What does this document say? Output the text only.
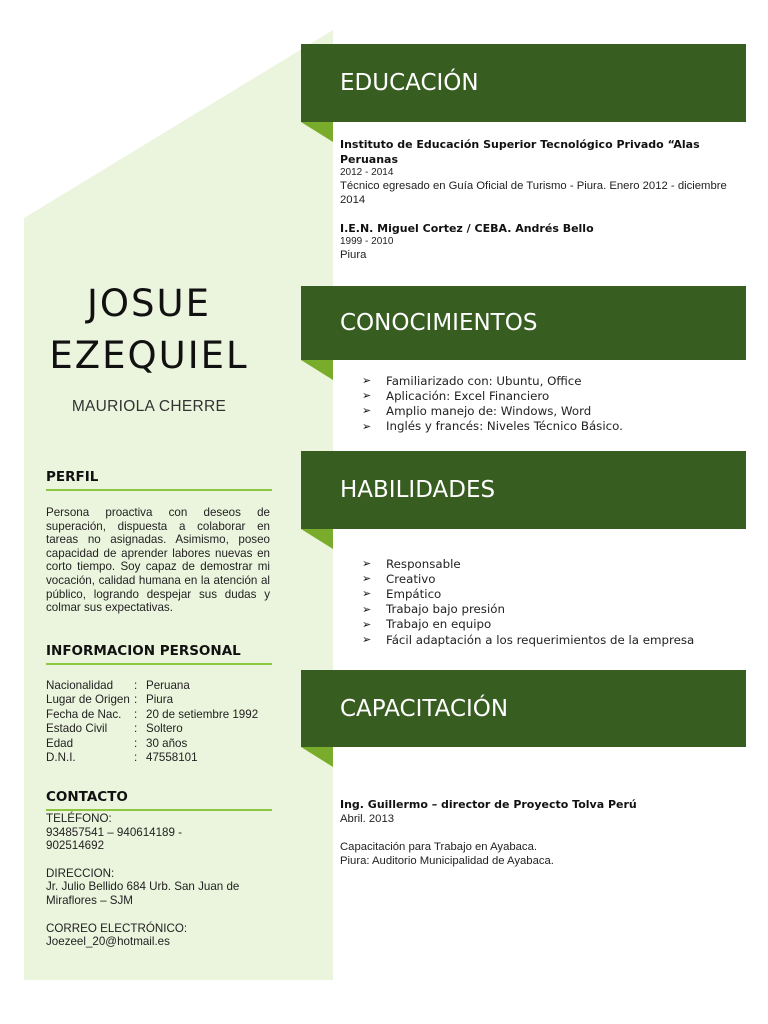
JOSUE
EZEQUIEL
MAURIOLA CHERRE
PERFIL
Persona proactiva con deseos de superación, dispuesta a colaborar en tareas no asignadas. Asimismo, poseo capacidad de aprender labores nuevas en corto tiempo. Soy capaz de demostrar mi vocación, calidad humana en la atención al público, logrando despejar sus dudas y colmar sus expectativas.
INFORMACION PERSONAL
Nacionalidad	: Peruana
Lugar de Origen : Piura
Fecha de Nac.	: 20 de setiembre 1992
Estado Civil	: Soltero
Edad	: 30 años
D.N.I.	: 47558101
CONTACTO
TELÉFONO:
934857541 – 940614189 - 902514692
DIRECCION:
Jr. Julio Bellido 684 Urb. San Juan de Miraflores – SJM
CORREO ELECTRÓNICO:
Joezeel_20@hotmail.es
EDUCACIÓN
Instituto de Educación Superior Tecnológico Privado “Alas Peruanas
2012 - 2014
Técnico egresado en Guía Oficial de Turismo - Piura. Enero 2012 - diciembre 2014
I.E.N. Miguel Cortez / CEBA. Andrés Bello
1999 - 2010
Piura
CONOCIMIENTOS
➢	Familiarizado con: Ubuntu, Office
➢	Aplicación: Excel Financiero
➢	Amplio manejo de: Windows, Word
➢	Inglés y francés: Niveles Técnico Básico.
HABILIDADES
➢	Responsable
➢	Creativo
➢	Empático
➢	Trabajo bajo presión
➢	Trabajo en equipo
➢	Fácil adaptación a los requerimientos de la empresa
CAPACITACIÓN
Ing. Guillermo – director de Proyecto Tolva Perú
Abril. 2013
Capacitación para Trabajo en Ayabaca.
Piura: Auditorio Municipalidad de Ayabaca.
